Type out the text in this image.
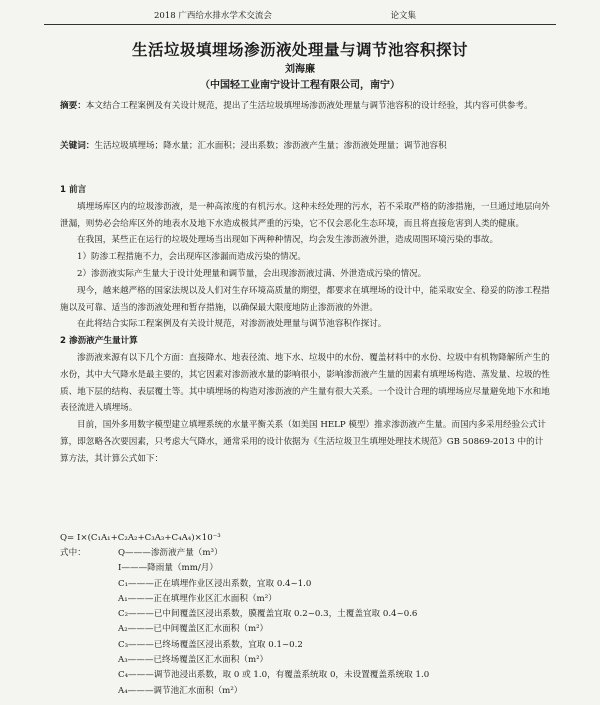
2018 广西给水排水学术交流会	论文集
生活垃圾填埋场渗沥液处理量与调节池容积探讨
刘海廉
（中国轻工业南宁设计工程有限公司，南宁）

摘要：本文结合工程案例及有关设计规范，提出了生活垃圾填埋场渗沥液处理量与调节池容积的设计经验，其内容可供参考。

关键词：生活垃圾填埋场；降水量；汇水面积；浸出系数；渗沥液产生量；渗沥液处理量；调节池容积

1 前言

填埋场库区内的垃圾渗沥液，是一种高浓度的有机污水。这种未经处理的污水，若不采取严格的防渗措施，一旦通过地层向外泄漏，则势必会给库区外的地表水及地下水造成极其严重的污染，它不仅会恶化生态环境，而且将直接危害到人类的健康。

在我国，某些正在运行的垃圾处理场当出现如下两种种情况，均会发生渗沥液外泄，造成周围环境污染的事故。

1）防渗工程措施不力，会出现库区渗漏而造成污染的情况。

2）渗沥液实际产生量大于设计处理量和调节量，会出现渗沥液过满、外泄造成污染的情况。

现今，越来越严格的国家法规以及人们对生存环境高质量的期望，都要求在填埋场的设计中，能采取安全、稳妥的防渗工程措施以及可靠、适当的渗沥液处理和暂存措施，以确保最大限度地防止渗沥液的外泄。

在此将结合实际工程案例及有关设计规范，对渗沥液处理量与调节池容积作探讨。

2 渗沥液产生量计算

渗沥液来源有以下几个方面：直接降水、地表径流、地下水、垃圾中的水份、覆盖材料中的水份、垃圾中有机物降解所产生的水份，其中大气降水是最主要的，其它因素对渗沥液水量的影响很小，影响渗沥液产生量的因素有填埋场构造、蒸发量、垃圾的性质、地下层的结构、表层覆土等。其中填埋场的构造对渗沥液的产生量有很大关系。一个设计合理的填埋场应尽量避免地下水和地表径流进入填埋场。

目前，国外多用数字模型建立填埋系统的水量平衡关系（如美国 HELP 模型）推求渗沥液产生量。而国内多采用经验公式计算，即忽略各次要因素，只考虑大气降水，通常采用的设计依据为《生活垃圾卫生填埋处理技术规范》GB 50869-2013 中的计算方法，其计算公式如下：

Q= I×(C₁A₁+C₂A₂+C₃A₃+C₄A₄)×10⁻³
式中：	Q———渗沥液产量（m³）
I———降雨量（mm/月）
C₁———正在填埋作业区浸出系数，宜取 0.4~1.0
A₁———正在填埋作业区汇水面积（m²）
C₂———已中间覆盖区浸出系数，膜覆盖宜取 0.2~0.3，土覆盖宜取 0.4~0.6
A₂———已中间覆盖区汇水面积（m²）
C₃———已终场覆盖区浸出系数，宜取 0.1~0.2
A₃———已终场覆盖区汇水面积（m²）
C₄———调节池浸出系数，取 0 或 1.0，有覆盖系统取 0，未设置覆盖系统取 1.0
A₄———调节池汇水面积（m²）
